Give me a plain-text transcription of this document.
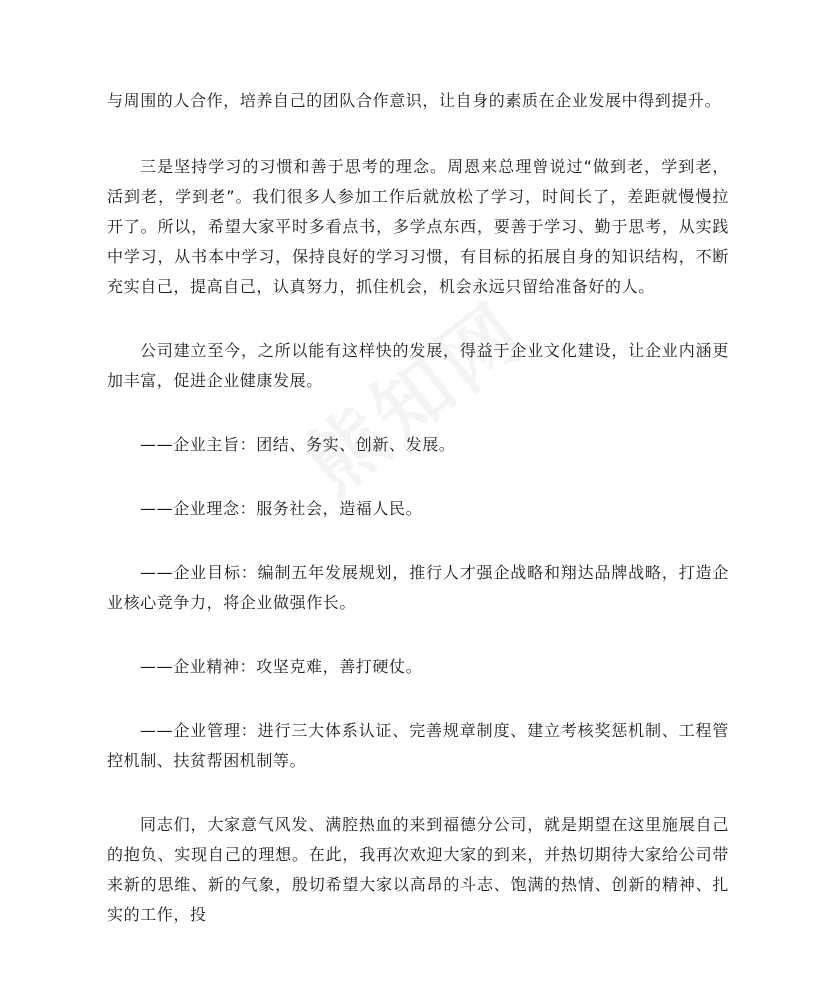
与周围的人合作，培养自己的团队合作意识，让自身的素质在企业发展中得到提升。

三是坚持学习的习惯和善于思考的理念。周恩来总理曾说过“做到老，学到老，活到老，学到老”。我们很多人参加工作后就放松了学习，时间长了，差距就慢慢拉开了。所以，希望大家平时多看点书，多学点东西，要善于学习、勤于思考，从实践中学习，从书本中学习，保持良好的学习习惯，有目标的拓展自身的知识结构，不断充实自己，提高自己，认真努力，抓住机会，机会永远只留给准备好的人。

公司建立至今，之所以能有这样快的发展，得益于企业文化建设，让企业内涵更加丰富，促进企业健康发展。

——企业主旨：团结、务实、创新、发展。

——企业理念：服务社会，造福人民。

——企业目标：编制五年发展规划，推行人才强企战略和翔达品牌战略，打造企业核心竞争力，将企业做强作长。

——企业精神：攻坚克难，善打硬仗。

——企业管理：进行三大体系认证、完善规章制度、建立考核奖惩机制、工程管控机制、扶贫帮困机制等。

同志们，大家意气风发、满腔热血的来到福德分公司，就是期望在这里施展自己的抱负、实现自己的理想。在此，我再次欢迎大家的到来，并热切期待大家给公司带来新的思维、新的气象，殷切希望大家以高昂的斗志、饱满的热情、创新的精神、扎实的工作，投
